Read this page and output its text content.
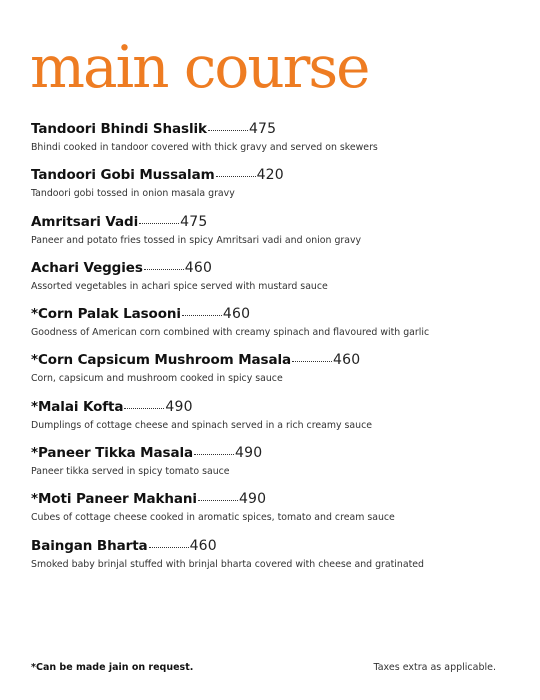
main course
Tandoori Bhindi Shaslik	475
Bhindi cooked in tandoor covered with thick gravy and served on skewers
Tandoori Gobi Mussalam	420
Tandoori gobi tossed in onion masala gravy
Amritsari Vadi	475
Paneer and potato fries tossed in spicy Amritsari vadi and onion gravy
Achari Veggies	460
Assorted vegetables in achari spice served with mustard sauce
*Corn Palak Lasooni	460
Goodness of American corn combined with creamy spinach and flavoured with garlic
*Corn Capsicum Mushroom Masala	460
Corn, capsicum and mushroom cooked in spicy sauce
*Malai Kofta	490
Dumplings of cottage cheese and spinach served in a rich creamy sauce
*Paneer Tikka Masala	490
Paneer tikka served in spicy tomato sauce
*Moti Paneer Makhani	490
Cubes of cottage cheese cooked in aromatic spices, tomato and cream sauce
Baingan Bharta	460
Smoked baby brinjal stuffed with brinjal bharta covered with cheese and gratinated
*Can be made jain on request.	Taxes extra as applicable.
